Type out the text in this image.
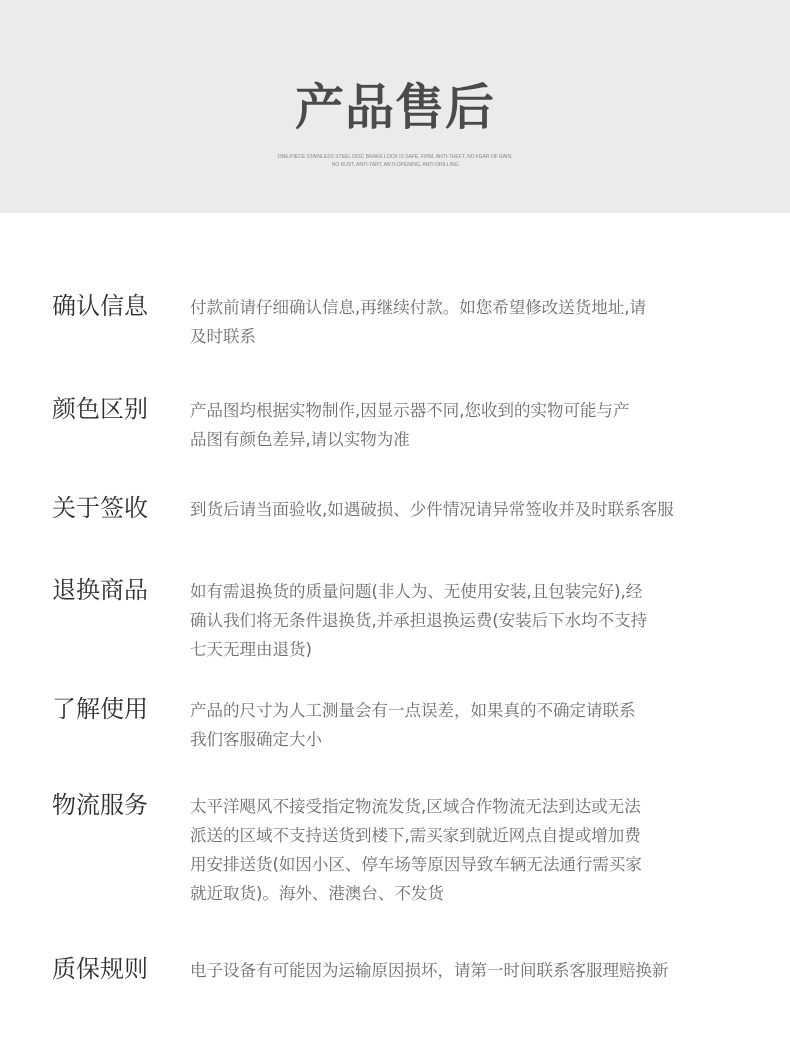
产品售后
ONE-PIECE STAINLESS STEEL DISC BRAKE LOCK IS SAFE, FIRM, ANTI-THEFT, NO FEAR OF RAIN,
NO RUST, ANTI-TART, ANTI-OPENING, ANTI-DRILLING
确认信息	付款前请仔细确认信息,再继续付款。如您希望修改送货地址,请
及时联系
颜色区别	产品图均根据实物制作,因显示器不同,您收到的实物可能与产
品图有颜色差异,请以实物为准
关于签收	到货后请当面验收,如遇破损、少件情况请异常签收并及时联系客服
退换商品	如有需退换货的质量问题(非人为、无使用安装,且包装完好),经
确认我们将无条件退换货,并承担退换运费(安装后下水均不支持
七天无理由退货)
了解使用	产品的尺寸为人工测量会有一点误差，如果真的不确定请联系
我们客服确定大小
物流服务	太平洋飓风不接受指定物流发货,区域合作物流无法到达或无法
派送的区域不支持送货到楼下,需买家到就近网点自提或增加费
用安排送货(如因小区、停车场等原因导致车辆无法通行需买家
就近取货)。海外、港澳台、不发货
质保规则	电子设备有可能因为运输原因损坏，请第一时间联系客服理赔换新
